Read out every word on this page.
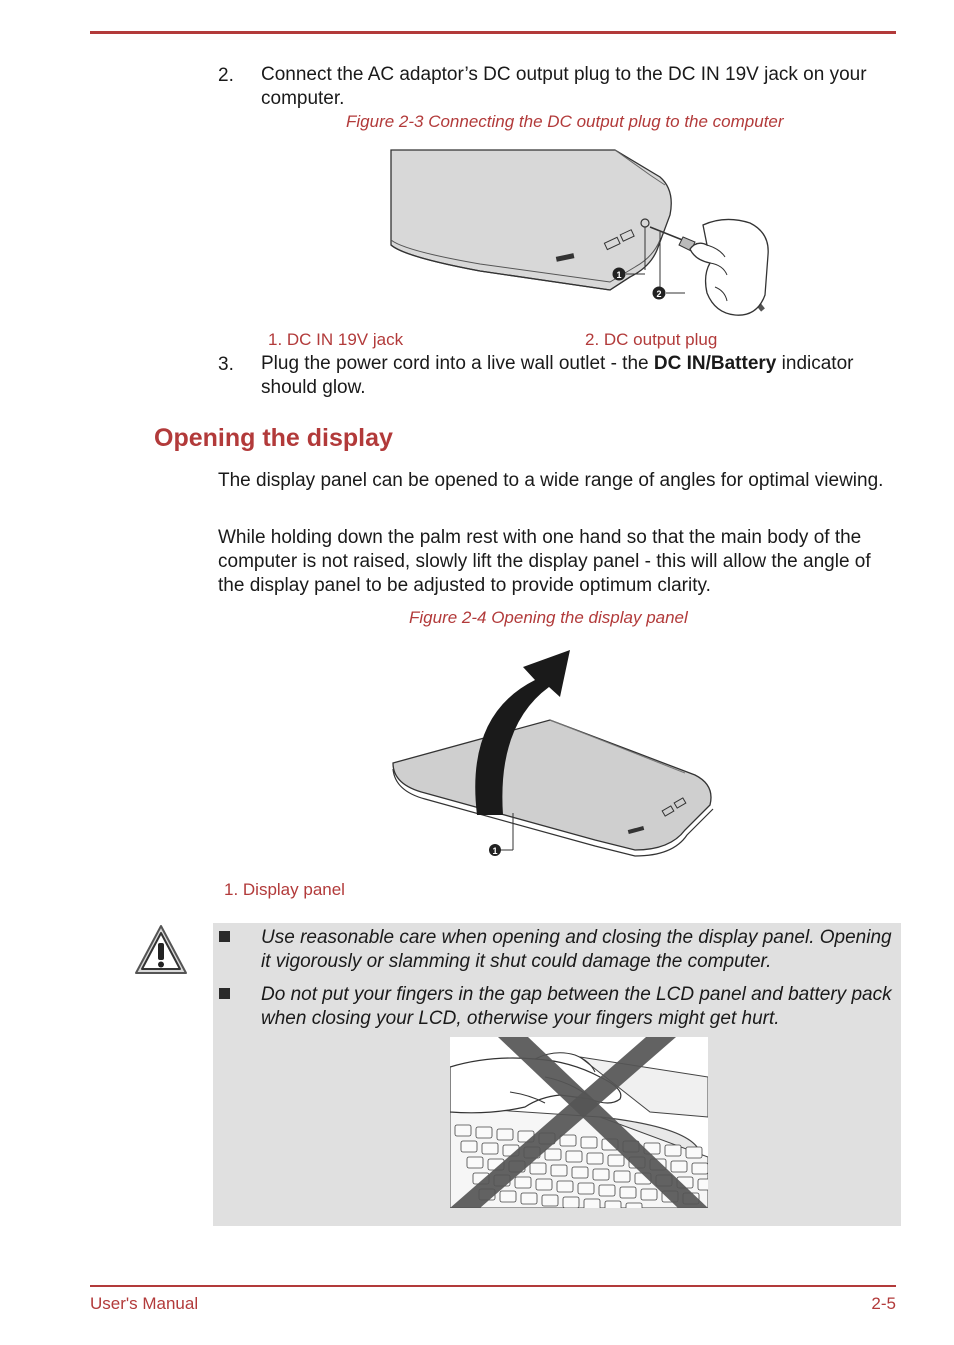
2. Connect the AC adaptor’s DC output plug to the DC IN 19V jack on your computer.
Figure 2-3 Connecting the DC output plug to the computer
1
2
1. DC IN 19V jack	2. DC output plug
3. Plug the power cord into a live wall outlet - the DC IN/Battery indicator should glow.
Opening the display
The display panel can be opened to a wide range of angles for optimal viewing.
While holding down the palm rest with one hand so that the main body of the computer is not raised, slowly lift the display panel - this will allow the angle of the display panel to be adjusted to provide optimum clarity.
Figure 2-4 Opening the display panel
1
1. Display panel
Use reasonable care when opening and closing the display panel. Opening it vigorously or slamming it shut could damage the computer.
Do not put your fingers in the gap between the LCD panel and battery pack when closing your LCD, otherwise your fingers might get hurt.
User's Manual	2-5
